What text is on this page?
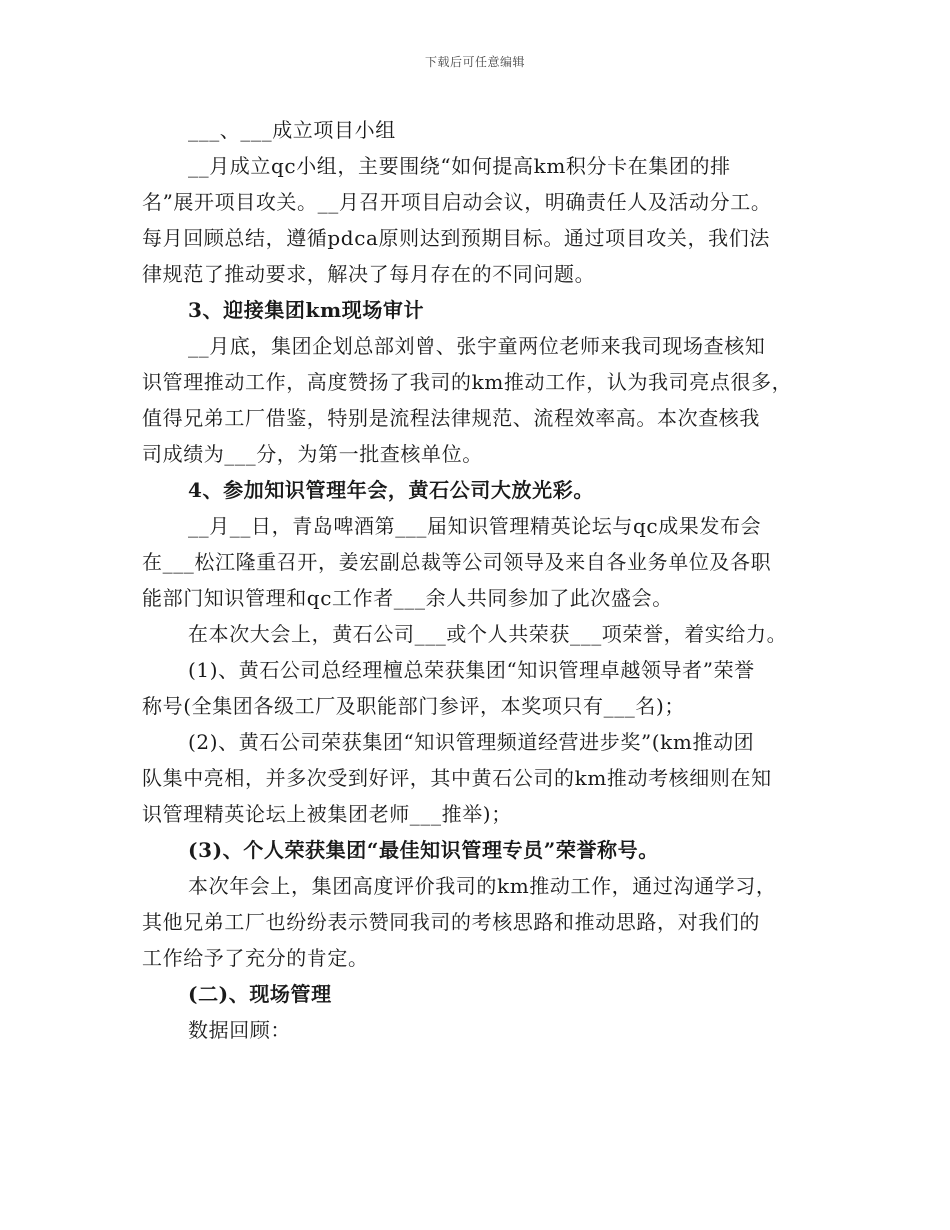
下载后可任意编辑
___、___成立项目小组
__月成立qc小组，主要围绕“如何提高km积分卡在集团的排
名”展开项目攻关。__月召开项目启动会议，明确责任人及活动分工。
每月回顾总结，遵循pdca原则达到预期目标。通过项目攻关，我们法
律规范了推动要求，解决了每月存在的不同问题。
3、迎接集团km现场审计
__月底，集团企划总部刘曾、张宇童两位老师来我司现场查核知
识管理推动工作，高度赞扬了我司的km推动工作，认为我司亮点很多，
值得兄弟工厂借鉴，特别是流程法律规范、流程效率高。本次查核我
司成绩为___分，为第一批查核单位。
4、参加知识管理年会，黄石公司大放光彩。
__月__日，青岛啤酒第___届知识管理精英论坛与qc成果发布会
在___松江隆重召开，姜宏副总裁等公司领导及来自各业务单位及各职
能部门知识管理和qc工作者___余人共同参加了此次盛会。
在本次大会上，黄石公司___或个人共荣获___项荣誉，着实给力。
(1)、黄石公司总经理檀总荣获集团“知识管理卓越领导者”荣誉
称号(全集团各级工厂及职能部门参评，本奖项只有___名)；
(2)、黄石公司荣获集团“知识管理频道经营进步奖”(km推动团
队集中亮相，并多次受到好评，其中黄石公司的km推动考核细则在知
识管理精英论坛上被集团老师___推举)；
(3)、个人荣获集团“最佳知识管理专员”荣誉称号。
本次年会上，集团高度评价我司的km推动工作，通过沟通学习，
其他兄弟工厂也纷纷表示赞同我司的考核思路和推动思路，对我们的
工作给予了充分的肯定。
(二)、现场管理
数据回顾：
